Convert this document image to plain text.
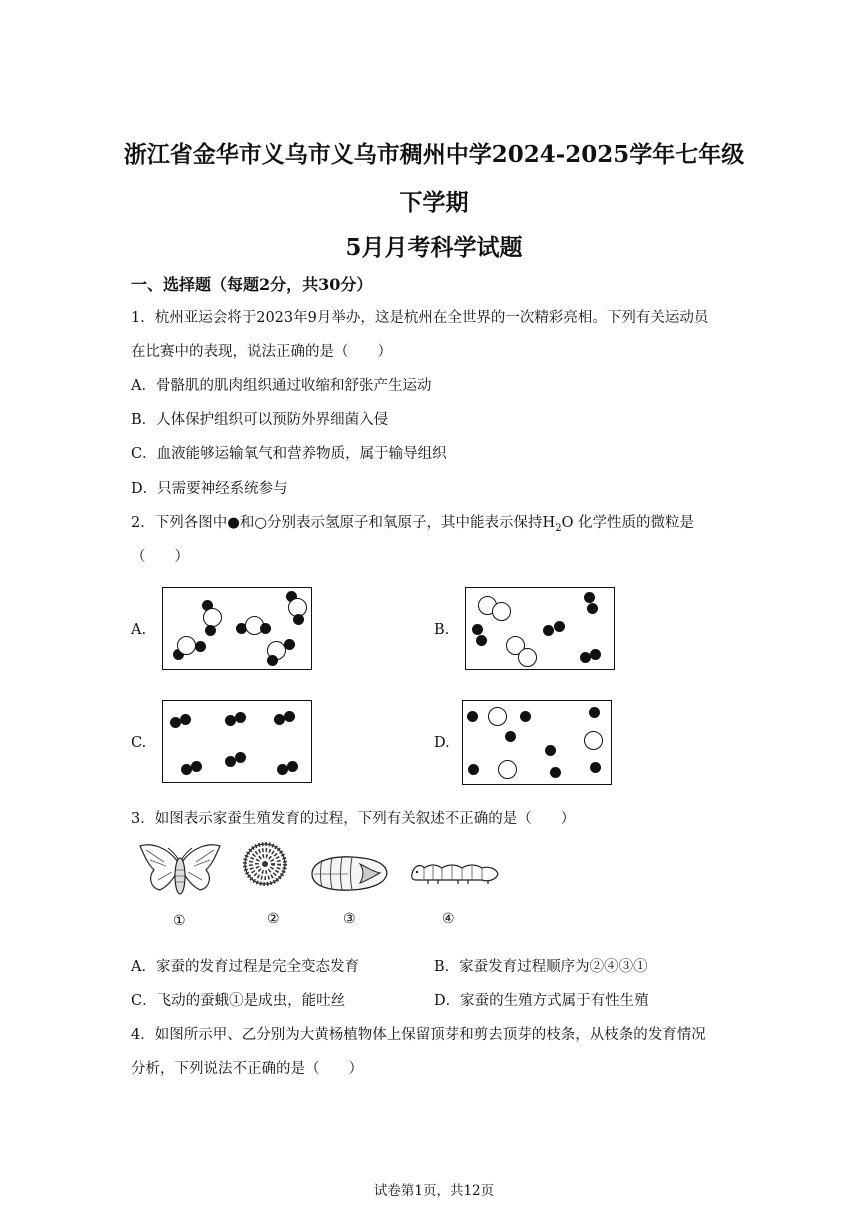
浙江省金华市义乌市义乌市稠州中学2024-2025学年七年级
下学期
5月月考科学试题
一、选择题（每题2分，共30分）
1．杭州亚运会将于2023年9月举办，这是杭州在全世界的一次精彩亮相。下列有关运动员
在比赛中的表现，说法正确的是（　　）
A．骨骼肌的肌肉组织通过收缩和舒张产生运动
B．人体保护组织可以预防外界细菌入侵
C．血液能够运输氧气和营养物质，属于输导组织
D．只需要神经系统参与
2．下列各图中●和○分别表示氢原子和氧原子，其中能表示保持$H_2O$ 化学性质的微粒是
（　　）
A.	B.
C.	D.
3．如图表示家蚕生殖发育的过程，下列有关叙述不正确的是（　　）
①	②	③	④
A．家蚕的发育过程是完全变态发育	B．家蚕发育过程顺序为②④③①
C．飞动的蚕蛾①是成虫，能吐丝	D．家蚕的生殖方式属于有性生殖
4．如图所示甲、乙分别为大黄杨植物体上保留顶芽和剪去顶芽的枝条，从枝条的发育情况
分析，下列说法不正确的是（　　）
试卷第1页，共12页
